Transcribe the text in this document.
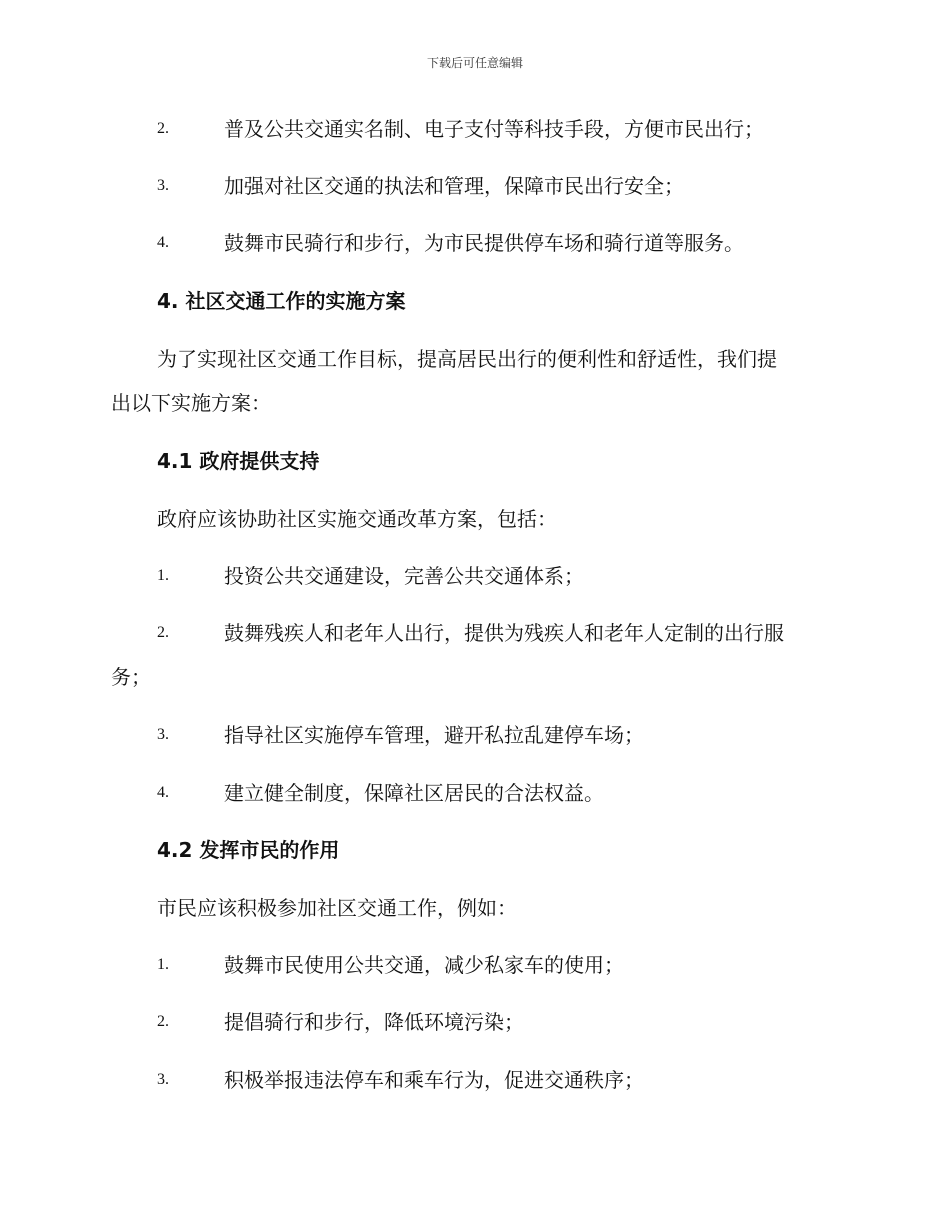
下载后可任意编辑
2.	普及公共交通实名制、电子支付等科技手段，方便市民出行；
3.	加强对社区交通的执法和管理，保障市民出行安全；
4.	鼓舞市民骑行和步行，为市民提供停车场和骑行道等服务。
4. 社区交通工作的实施方案
为了实现社区交通工作目标，提高居民出行的便利性和舒适性，我们提
出以下实施方案：
4.1 政府提供支持
政府应该协助社区实施交通改革方案，包括：
1.	投资公共交通建设，完善公共交通体系；
2.	鼓舞残疾人和老年人出行，提供为残疾人和老年人定制的出行服
务；
3.	指导社区实施停车管理，避开私拉乱建停车场；
4.	建立健全制度，保障社区居民的合法权益。
4.2 发挥市民的作用
市民应该积极参加社区交通工作，例如：
1.	鼓舞市民使用公共交通，减少私家车的使用；
2.	提倡骑行和步行，降低环境污染；
3.	积极举报违法停车和乘车行为，促进交通秩序；
